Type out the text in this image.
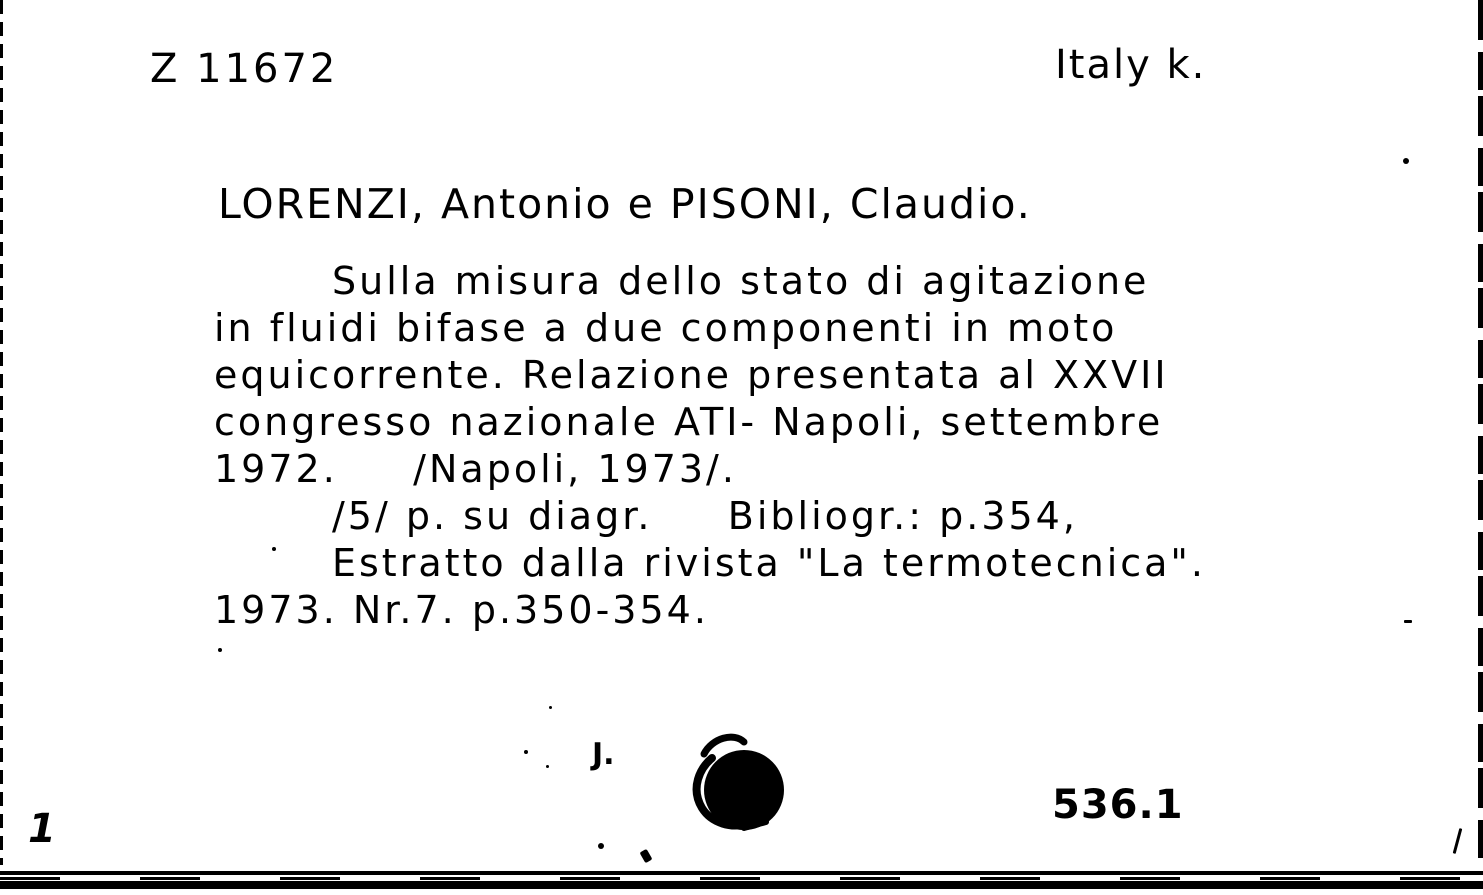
Z 11672	Italy k.
LORENZI, Antonio e PISONI, Claudio.
Sulla misura dello stato di agitazione
in fluidi bifase a due componenti in moto
equicorrente. Relazione presentata al XXVII
congresso nazionale ATI- Napoli, settembre
1972.     /Napoli, 1973/.
/5/ p. su diagr.     Bibliogr.: p.354,
Estratto dalla rivista "La termotecnica".
1973. Nr.7. p.350-354.
J.
536.1
1
